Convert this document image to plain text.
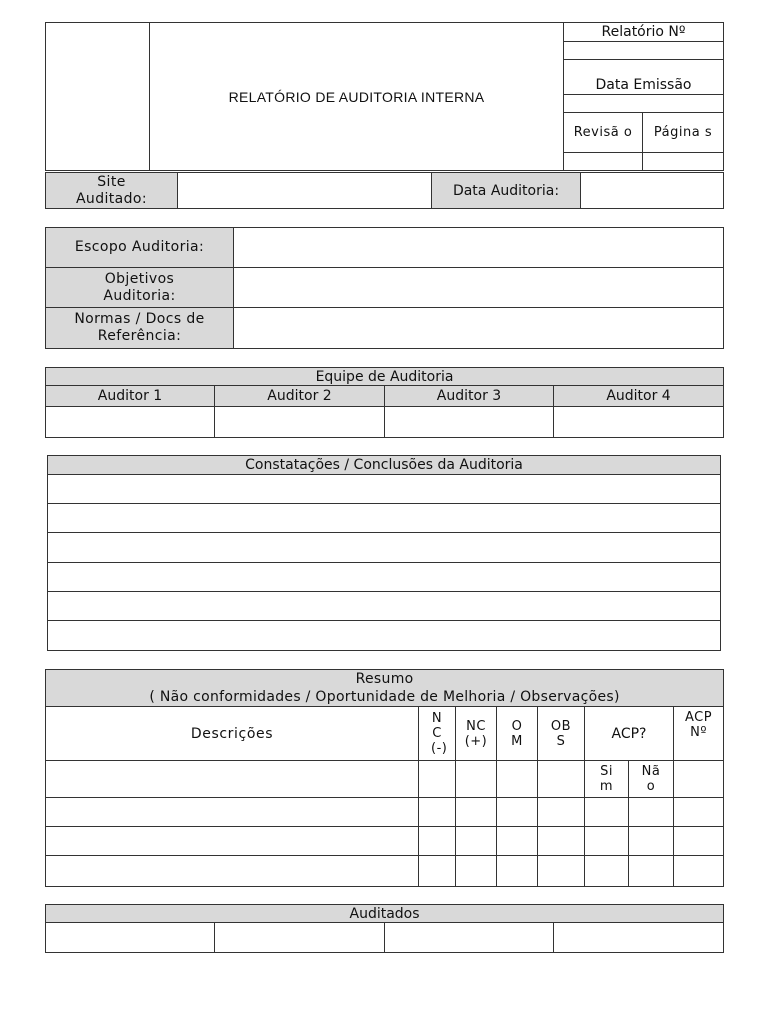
	RELATÓRIO DE AUDITORIA INTERNA	Relatório Nº	

		Data Emissão	

		Revisã o	Página s

Site Auditado:		Data Auditoria:	
Escopo Auditoria:	
Objetivos Auditoria:	
Normas / Docs de Referência:	
Equipe de Auditoria			
Auditor 1	Auditor 2	Auditor 3	Auditor 4

Constatações / Conclusões da Auditoria

Resumo
( Não conformidades / Oportunidade de Melhoria / Observações)							

Descrições	N C (-)	NC (+)	O M	OB S	ACP?		ACP Nº
					Si m	Nã o	

Auditados
